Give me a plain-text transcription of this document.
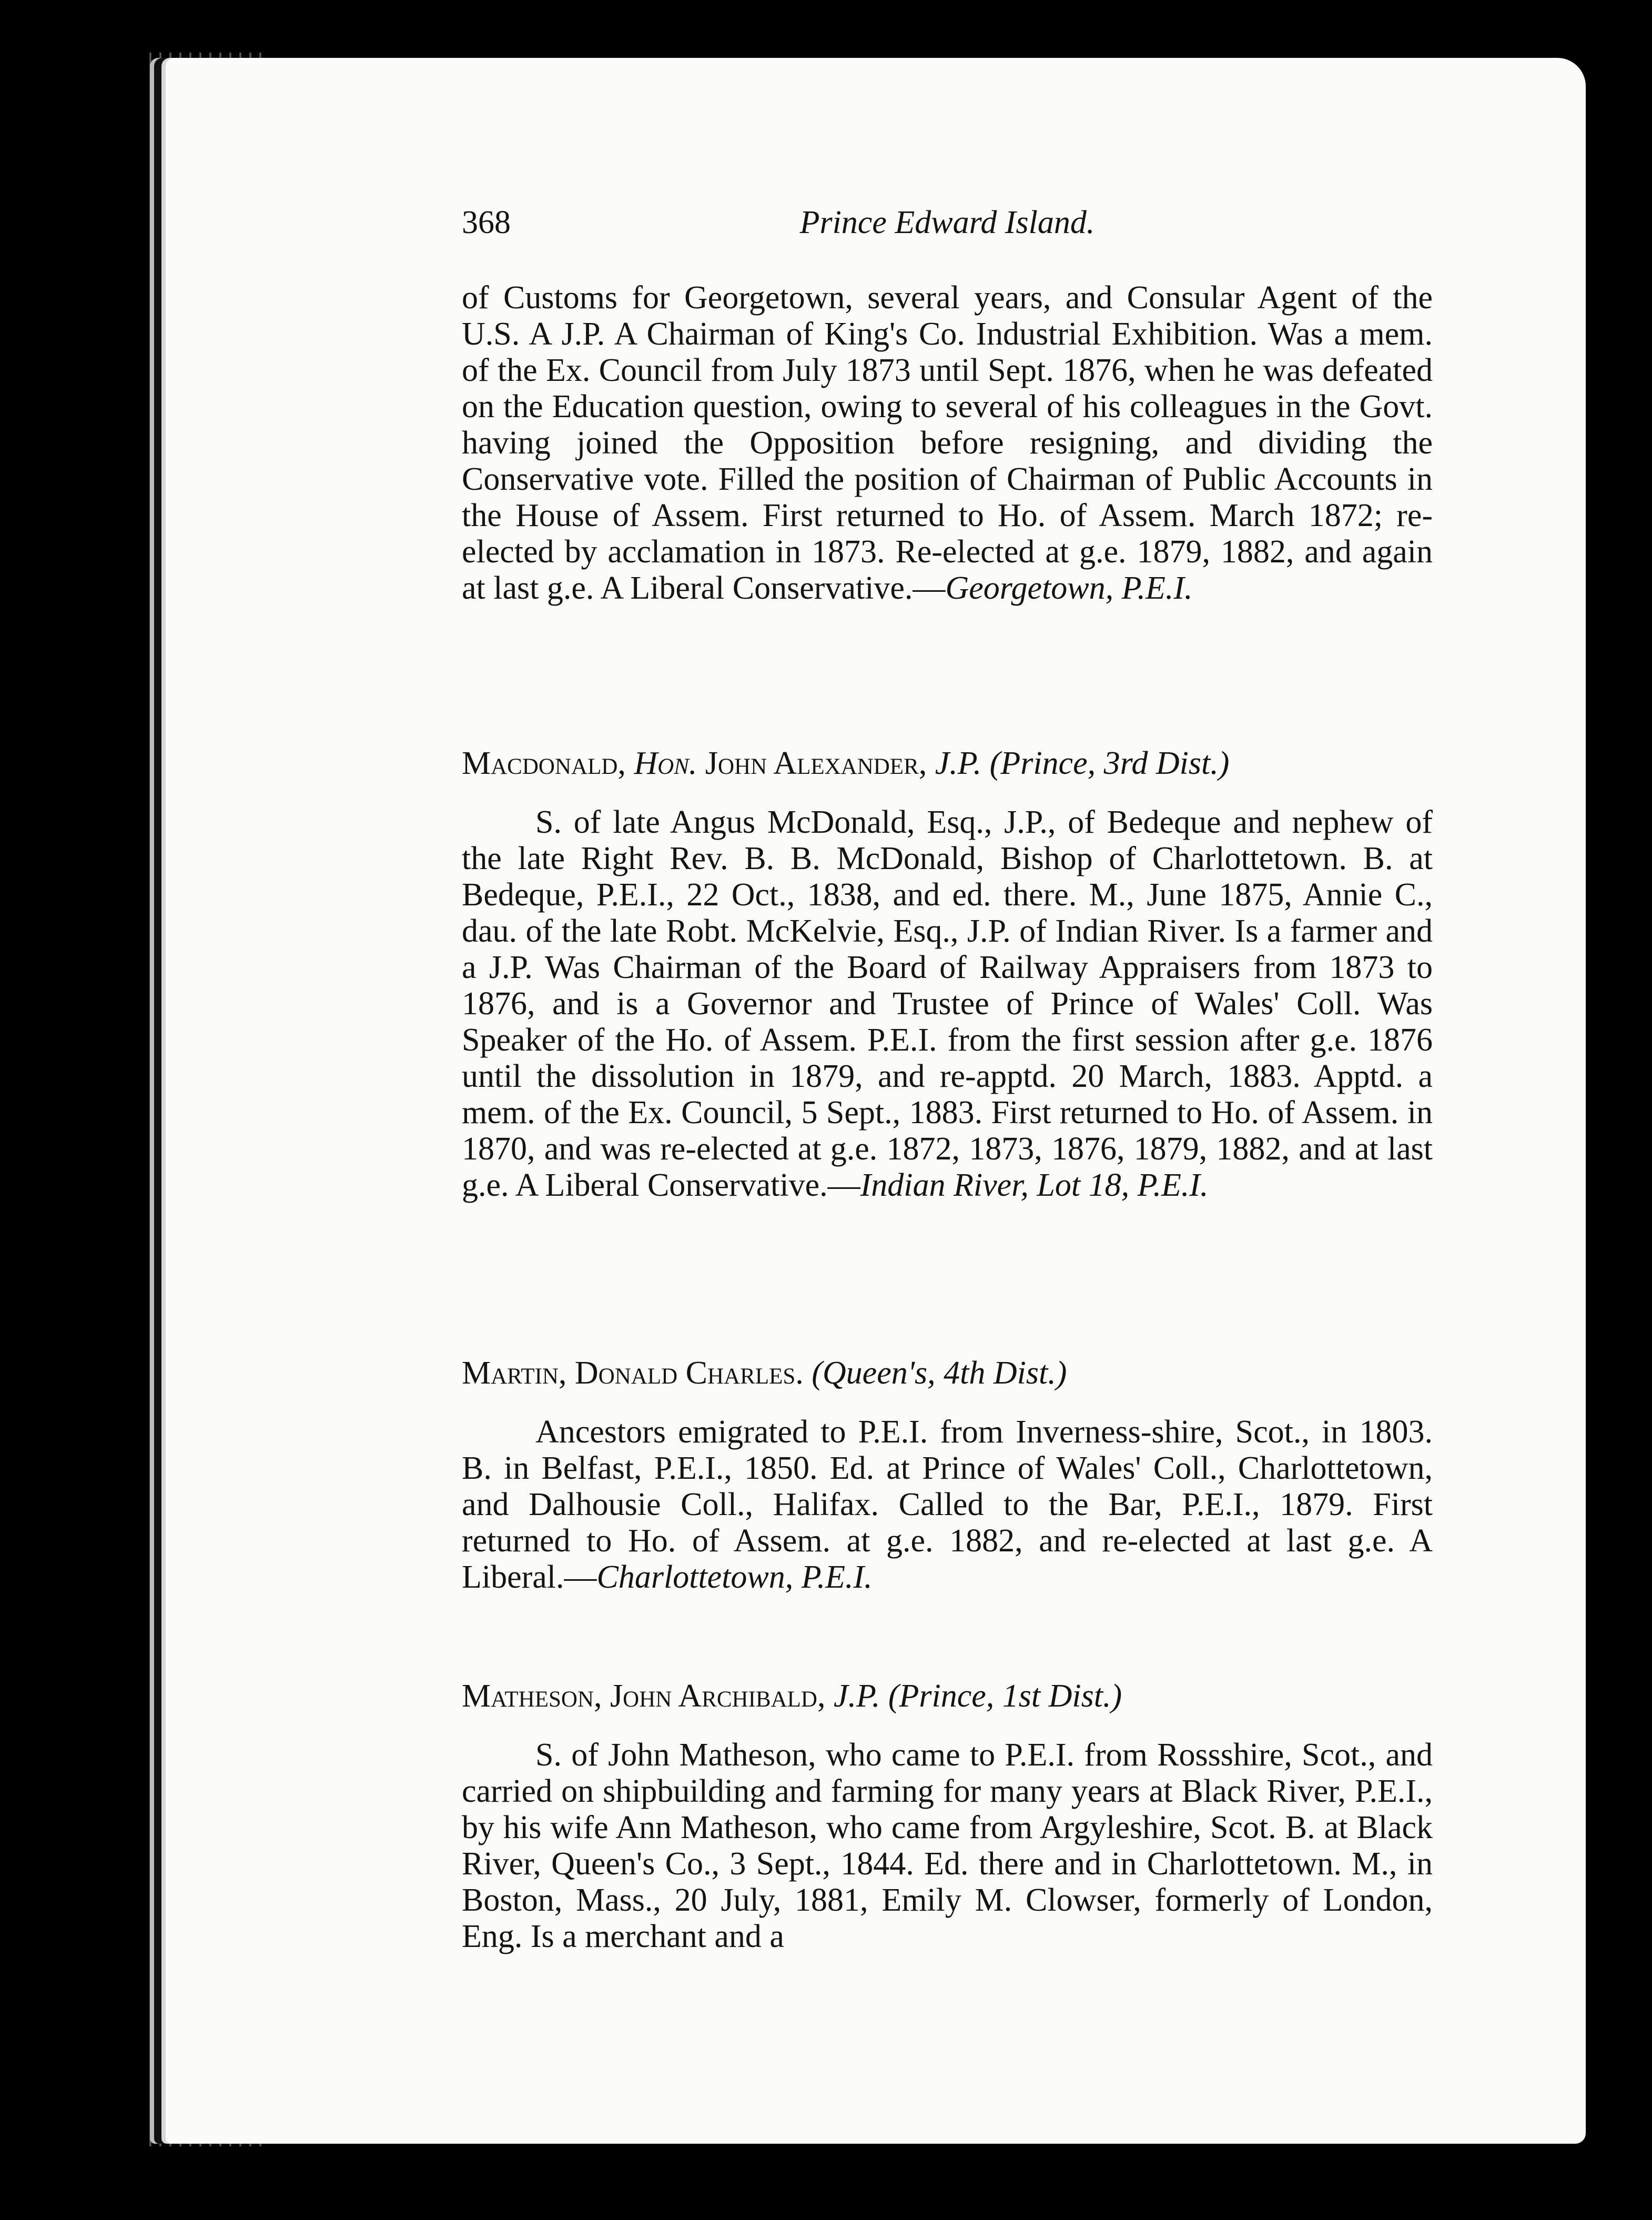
368	Prince Edward Island.

of Customs for Georgetown, several years, and Consular Agent of the U.S. A J.P. A Chairman of King's Co. Industrial Exhibition. Was a mem. of the Ex. Council from July 1873 until Sept. 1876, when he was defeated on the Education question, owing to several of his colleagues in the Govt. having joined the Opposition before resigning, and dividing the Conservative vote. Filled the position of Chairman of Public Accounts in the House of Assem. First returned to Ho. of Assem. March 1872; re-elected by acclamation in 1873. Re-elected at g.e. 1879, 1882, and again at last g.e. A Liberal Conservative.—Georgetown, P.E.I.

Macdonald, Hon. John Alexander, J.P. (Prince, 3rd Dist.)

S. of late Angus McDonald, Esq., J.P., of Bedeque and nephew of the late Right Rev. B. B. McDonald, Bishop of Charlottetown. B. at Bedeque, P.E.I., 22 Oct., 1838, and ed. there. M., June 1875, Annie C., dau. of the late Robt. McKelvie, Esq., J.P. of Indian River. Is a farmer and a J.P. Was Chairman of the Board of Railway Appraisers from 1873 to 1876, and is a Governor and Trustee of Prince of Wales' Coll. Was Speaker of the Ho. of Assem. P.E.I. from the first session after g.e. 1876 until the dissolution in 1879, and re-apptd. 20 March, 1883. Apptd. a mem. of the Ex. Council, 5 Sept., 1883. First returned to Ho. of Assem. in 1870, and was re-elected at g.e. 1872, 1873, 1876, 1879, 1882, and at last g.e. A Liberal Conservative.—Indian River, Lot 18, P.E.I.

Martin, Donald Charles. (Queen's, 4th Dist.)

Ancestors emigrated to P.E.I. from Inverness-shire, Scot., in 1803. B. in Belfast, P.E.I., 1850. Ed. at Prince of Wales' Coll., Charlottetown, and Dalhousie Coll., Halifax. Called to the Bar, P.E.I., 1879. First returned to Ho. of Assem. at g.e. 1882, and re-elected at last g.e. A Liberal.—Charlottetown, P.E.I.

Matheson, John Archibald, J.P. (Prince, 1st Dist.)

S. of John Matheson, who came to P.E.I. from Rossshire, Scot., and carried on shipbuilding and farming for many years at Black River, P.E.I., by his wife Ann Matheson, who came from Argyleshire, Scot. B. at Black River, Queen's Co., 3 Sept., 1844. Ed. there and in Charlottetown. M., in Boston, Mass., 20 July, 1881, Emily M. Clowser, formerly of London, Eng. Is a merchant and a
